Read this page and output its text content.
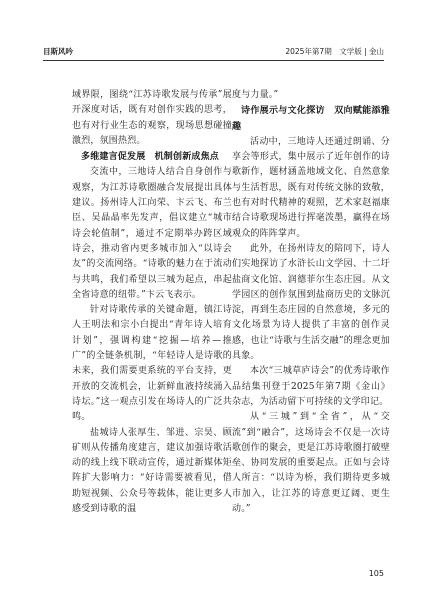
目斯风吟	2025年第7期　文学版 | 金山

域界限，图绕“江苏诗歌发展与传承”展开深度对话，既有对创作实践的思考，也有对行业生态的观察，现场思想碰撞激烈，氛围热烈。

多维建言促发展　机制创新成焦点

交流中，三地诗人结合自身创作与观察，为江苏诗歌圈融合发展提出具体建议。扬州诗人江向荣、卞云飞、布兰臣、吴晶晶率先发声，倡议建立“城市诗会轮值制”，通过不定期举办跨区域诗会，推动省内更多城市加入“以诗会友”的交流网络。“诗歌的魅力在于流动与共鸣，我们希望以三城为起点，串起全省诗意的纽带。”卞云飞表示。

针对诗歌传承的关键命题，镇江诗人王明法和宗小白提出“青年诗人培育计划”，强调构建“挖掘—培养—推广”的全链条机制，“年轻诗人是诗歌的未来，我们需要更系统的平台支持，更开放的交流机会，让新鲜血液持续涌入诗坛。”这一观点引发在场诗人的广泛共鸣。

盐城诗人张厚生、邹进、宗昊、顾矿则从传播角度建言，建议加强诗歌活动的线上线下联动宣传，通过新媒体矩阵扩大影响力：“好诗需要被看见，借助短视频、公众号等载体，能让更多人感受到诗歌的温

度与力量。”

诗作展示与文化探访　双向赋能添雅趣

活动中，三地诗人还通过朗诵、分享会等形式，集中展示了近年创作的诗歌新作，题材涵盖地域文化、自然意象与生活哲思，既有对传统文脉的致敬，也有对时代精神的观照，艺术家赵福康结合诗歌现场进行挥毫泼墨，赢得在场观众的阵阵掌声。

此外，在扬州诗友的陪同下，诗人们实地探访了水浒长山文学园、十二圩盐商文化馆、润德菲尔生态庄园。从文学园区的创作氛围到盐商历史的文脉沉淀，再到生态庄园的自然意境，多元的文化场景为诗人提供了丰富的创作灵感，也让“诗歌与生活交融”的理念更加具象。

本次“三城草庐诗会”的优秀诗歌作品结集刊登于2025年第7期《金山》杂志，为活动留下可持续的文学印记。

从“三城”到“全省”，从“交流”到“融合”，这场诗会不仅是一次诗歌创作的聚会，更是江苏诗歌圈打破壁垒、协同发展的重要起点。正如与会诗人所言：“以诗为桥，我们期待更多城市加入，让江苏的诗意更辽阔、更生动。”

105
